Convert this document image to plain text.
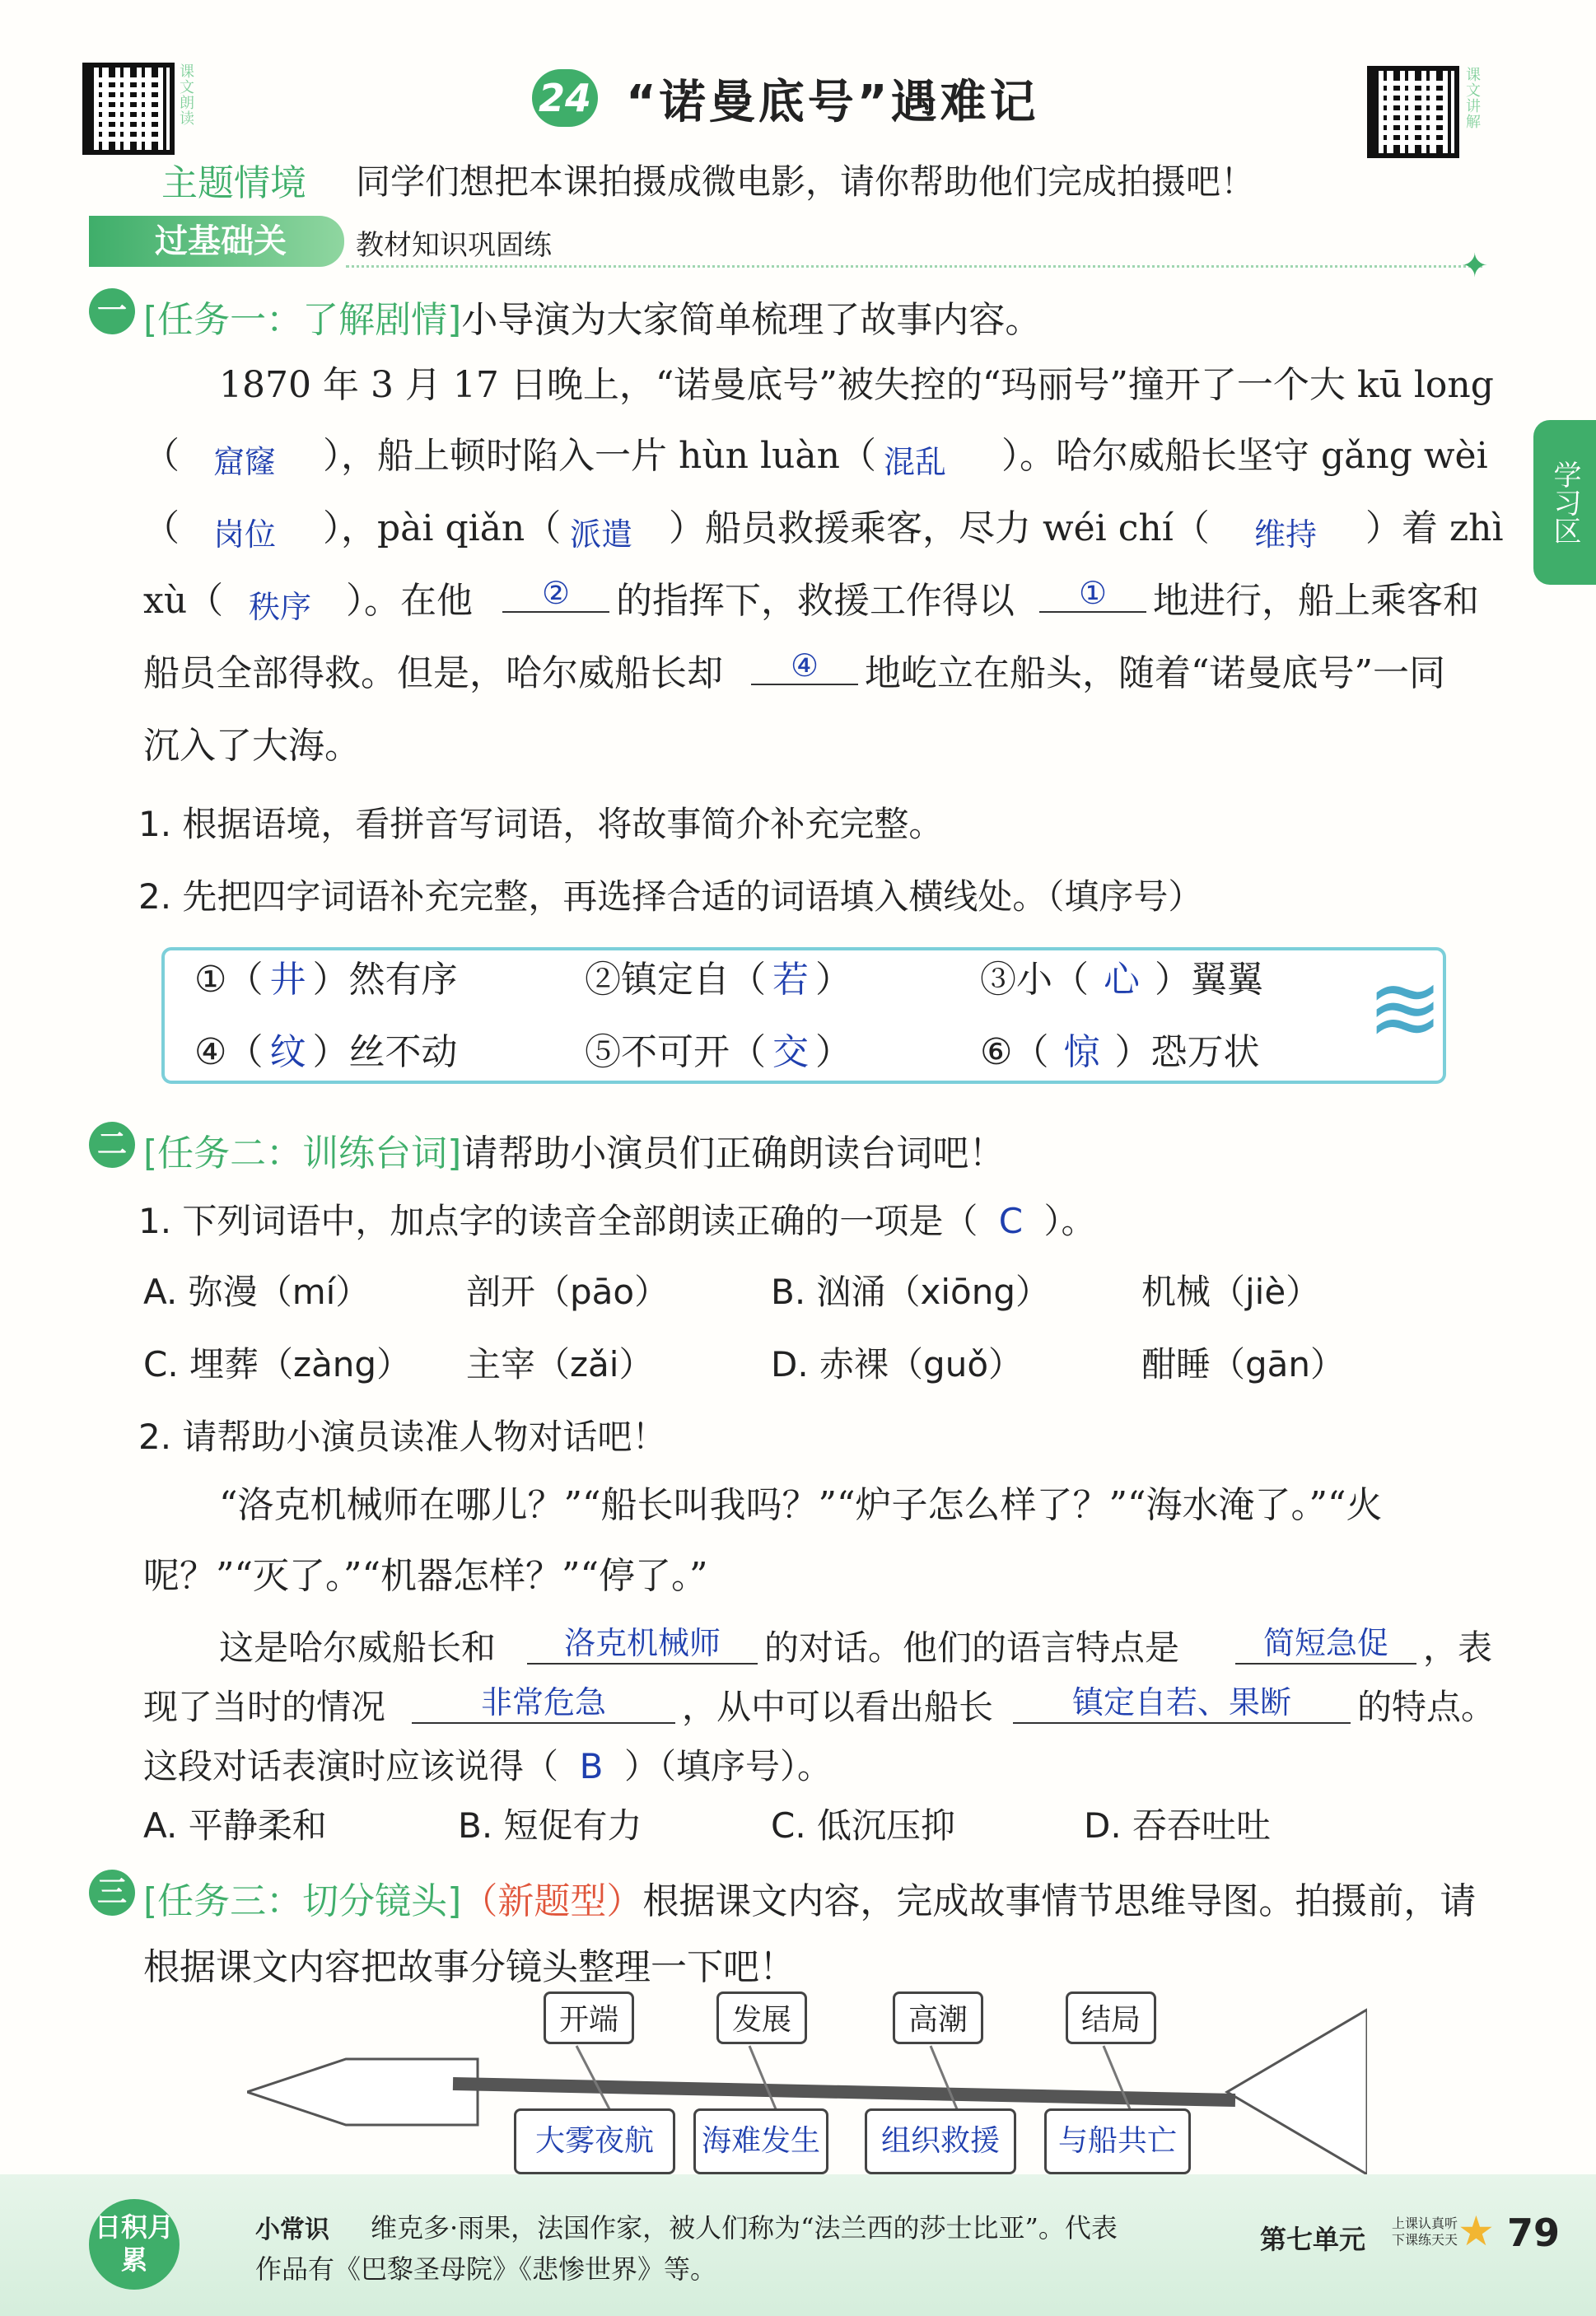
课文朗读
课文讲解
24 “诺曼底号”遇难记
主题情境 同学们想把本课拍摄成微电影，请你帮助他们完成拍摄吧！
过基础关	教材知识巩固练
✦
学习区
一 [任务一：了解剧情]小导演为大家简单梳理了故事内容。
1870 年 3 月 17 日晚上，“诺曼底号”被失控的“玛丽号”撞开了一个大 kū long
（	窟窿	），船上顿时陷入一片 hùn luàn（ 混乱	）。哈尔威船长坚守 gǎng wèi
（	岗位	），pài qiǎn（ 派遣	）船员救援乘客，尽力 wéi chí（	维持	）着 zhì
xù（ 秩序 ）。在他	②	的指挥下，救援工作得以	①	地进行，船上乘客和
船员全部得救。但是，哈尔威船长却	④	地屹立在船头，随着“诺曼底号”一同
沉入了大海。
1. 根据语境，看拼音写词语，将故事简介补充完整。
2. 先把四字词语补充完整，再选择合适的词语填入横线处。（填序号）
≋
①（ 井 ）然有序	②镇定自（ 若 ）	③小（ 心 ）翼翼
④（ 纹 ）丝不动	⑤不可开（ 交 ）	⑥（ 惊 ）恐万状
二 [任务二：训练台词]请帮助小演员们正确朗读台词吧！
1. 下列词语中，加点字的读音全部朗读正确的一项是（ C ）。
A. 弥漫（mí）	剖开（pāo）	B. 汹涌（xiōng）	机械（jiè）
C. 埋葬（zàng） 主宰（zǎi）	D. 赤裸（guǒ）	酣睡（gān）
2. 请帮助小演员读准人物对话吧！
“洛克机械师在哪儿？”“船长叫我吗？”“炉子怎么样了？”“海水淹了。”“火
呢？”“灭了。”“机器怎样？”“停了。”
这是哈尔威船长和	洛克机械师	的对话。他们的语言特点是	简短急促	，表
现了当时的情况	非常危急	，从中可以看出船长	镇定自若、果断	的特点。
这段对话表演时应该说得（ B ）（填序号）。
A. 平静柔和	B. 短促有力	C. 低沉压抑	D. 吞吞吐吐
三 [任务三：切分镜头]（新题型）根据课文内容，完成故事情节思维导图。拍摄前，请
根据课文内容把故事分镜头整理一下吧！
开端	发展	高潮	结局
大雾夜航	海难发生	组织救援	与船共亡
日积月累
小常识 维克多·雨果，法国作家，被人们称为“法兰西的莎士比亚”。代表
作品有《巴黎圣母院》《悲惨世界》等。
第七单元
上课认真听
下课练天天 ★ 79
